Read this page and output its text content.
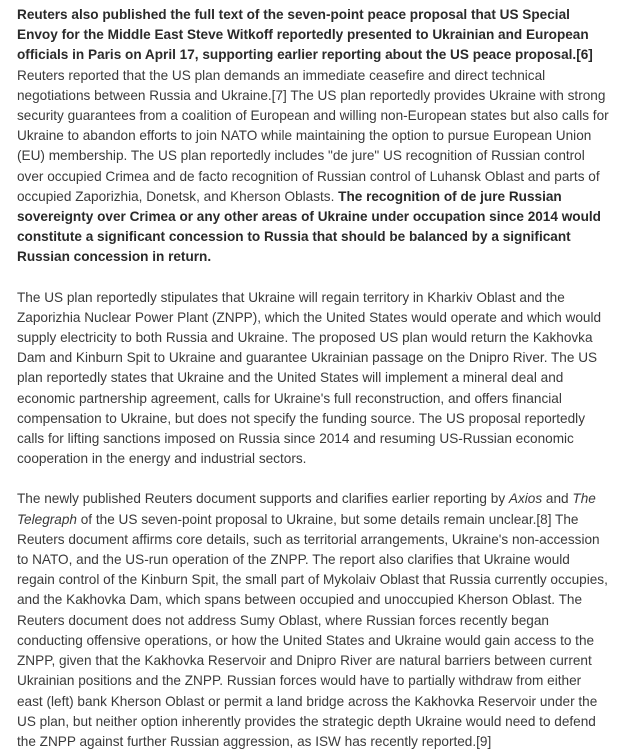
Reuters also published the full text of the seven-point peace proposal that US Special Envoy for the Middle East Steve Witkoff reportedly presented to Ukrainian and European officials in Paris on April 17, supporting earlier reporting about the US peace proposal.[6] Reuters reported that the US plan demands an immediate ceasefire and direct technical negotiations between Russia and Ukraine.[7] The US plan reportedly provides Ukraine with strong security guarantees from a coalition of European and willing non-European states but also calls for Ukraine to abandon efforts to join NATO while maintaining the option to pursue European Union (EU) membership. The US plan reportedly includes "de jure" US recognition of Russian control over occupied Crimea and de facto recognition of Russian control of Luhansk Oblast and parts of occupied Zaporizhia, Donetsk, and Kherson Oblasts. The recognition of de jure Russian sovereignty over Crimea or any other areas of Ukraine under occupation since 2014 would constitute a significant concession to Russia that should be balanced by a significant Russian concession in return.

The US plan reportedly stipulates that Ukraine will regain territory in Kharkiv Oblast and the Zaporizhia Nuclear Power Plant (ZNPP), which the United States would operate and which would supply electricity to both Russia and Ukraine. The proposed US plan would return the Kakhovka Dam and Kinburn Spit to Ukraine and guarantee Ukrainian passage on the Dnipro River. The US plan reportedly states that Ukraine and the United States will implement a mineral deal and economic partnership agreement, calls for Ukraine's full reconstruction, and offers financial compensation to Ukraine, but does not specify the funding source. The US proposal reportedly calls for lifting sanctions imposed on Russia since 2014 and resuming US-Russian economic cooperation in the energy and industrial sectors.

The newly published Reuters document supports and clarifies earlier reporting by Axios and The Telegraph of the US seven-point proposal to Ukraine, but some details remain unclear.[8] The Reuters document affirms core details, such as territorial arrangements, Ukraine's non-accession to NATO, and the US-run operation of the ZNPP. The report also clarifies that Ukraine would regain control of the Kinburn Spit, the small part of Mykolaiv Oblast that Russia currently occupies, and the Kakhovka Dam, which spans between occupied and unoccupied Kherson Oblast. The Reuters document does not address Sumy Oblast, where Russian forces recently began conducting offensive operations, or how the United States and Ukraine would gain access to the ZNPP, given that the Kakhovka Reservoir and Dnipro River are natural barriers between current Ukrainian positions and the ZNPP. Russian forces would have to partially withdraw from either east (left) bank Kherson Oblast or permit a land bridge across the Kakhovka Reservoir under the US plan, but neither option inherently provides the strategic depth Ukraine would need to defend the ZNPP against further Russian aggression, as ISW has recently reported.[9]
